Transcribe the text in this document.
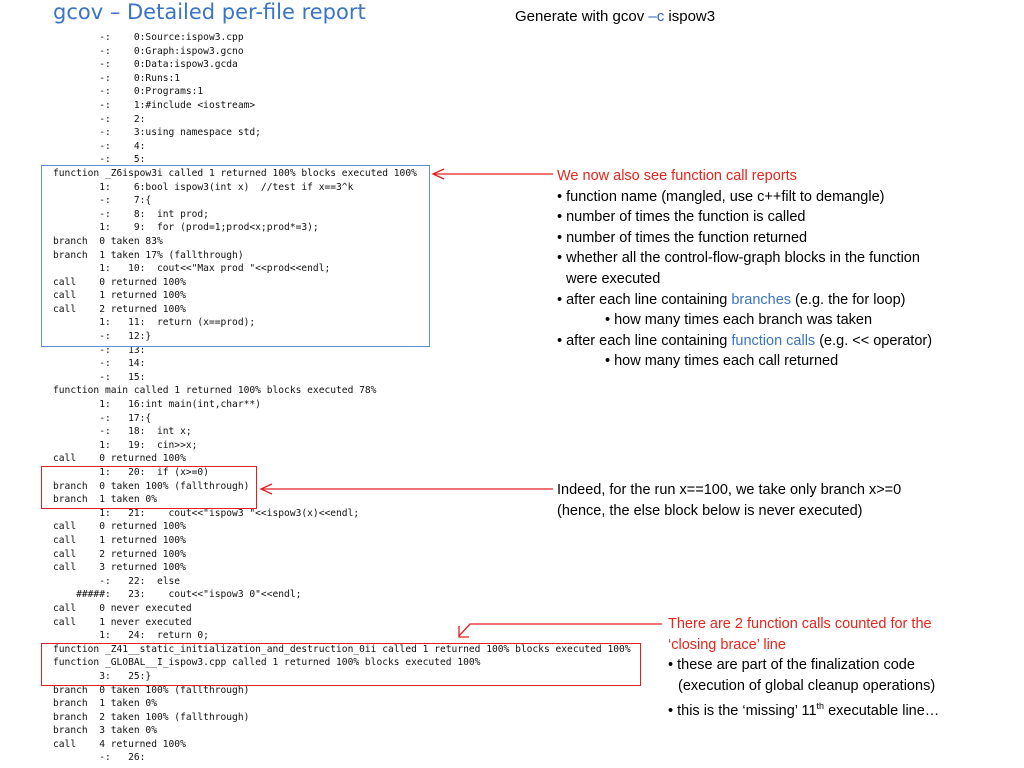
gcov – Detailed per-file report	Generate with gcov –c ispow3
-:    0:Source:ispow3.cpp
-:    0:Graph:ispow3.gcno
-:    0:Data:ispow3.gcda
-:    0:Runs:1
-:    0:Programs:1
-:    1:#include <iostream>
-:    2:
-:    3:using namespace std;
-:    4:
-:    5:
function _Z6ispow3i called 1 returned 100% blocks executed 100%
1:    6:bool ispow3(int x)  //test if x==3^k
-:    7:{
-:    8:  int prod;
1:    9:  for (prod=1;prod<x;prod*=3);
branch  0 taken 83%
branch  1 taken 17% (fallthrough)
1:   10:  cout<<"Max prod "<<prod<<endl;
call    0 returned 100%
call    1 returned 100%
call    2 returned 100%
1:   11:  return (x==prod);
-:   12:}
-:   13:
-:   14:
-:   15:
function main called 1 returned 100% blocks executed 78%
1:   16:int main(int,char**)
-:   17:{
-:   18:  int x;
1:   19:  cin>>x;
call    0 returned 100%
1:   20:  if (x>=0)
branch  0 taken 100% (fallthrough)
branch  1 taken 0%
1:   21:    cout<<"ispow3 "<<ispow3(x)<<endl;
call    0 returned 100%
call    1 returned 100%
call    2 returned 100%
call    3 returned 100%
-:   22:  else
#####:   23:    cout<<"ispow3 0"<<endl;
call    0 never executed
call    1 never executed
1:   24:  return 0;
function _Z41__static_initialization_and_destruction_0ii called 1 returned 100% blocks executed 100%
function _GLOBAL__I_ispow3.cpp called 1 returned 100% blocks executed 100%
3:   25:}
branch  0 taken 100% (fallthrough)
branch  1 taken 0%
branch  2 taken 100% (fallthrough)
branch  3 taken 0%
call    4 returned 100%
-:   26:
We now also see function call reports
• function name (mangled, use c++filt to demangle)
• number of times the function is called
• number of times the function returned
• whether all the control-flow-graph blocks in the function
were executed
• after each line containing branches (e.g. the for loop)
• how many times each branch was taken
• after each line containing function calls (e.g. << operator)
• how many times each call returned
Indeed, for the run x==100, we take only branch x>=0
(hence, the else block below is never executed)
There are 2 function calls counted for the
‘closing brace’ line
• these are part of the finalization code
(execution of global cleanup operations)
• this is the ‘missing’ 11th executable line…
